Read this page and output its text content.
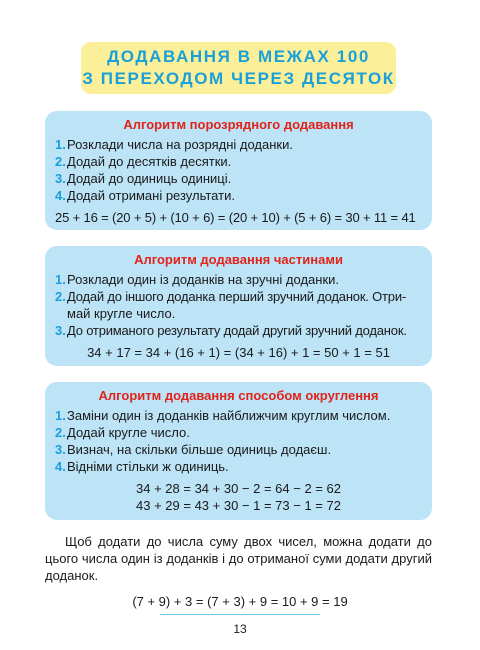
ДОДАВАННЯ В МЕЖАХ 100
З ПЕРЕХОДОМ ЧЕРЕЗ ДЕСЯТОК
Алгоритм порозрядного додавання
1.Розклади числа на розрядні доданки.
2.Додай до десятків десятки.
3.Додай до одиниць одиниці.
4.Додай отримані результати.
25 + 16 = (20 + 5) + (10 + 6) = (20 + 10) + (5 + 6) = 30 + 11 = 41
Алгоритм додавання частинами
1.Розклади один із доданків на зручні доданки.
2.Додай до іншого доданка перший зручний доданок. Отри-
май кругле число.
3.До отриманого результату додай другий зручний доданок.
34 + 17 = 34 + (16 + 1) = (34 + 16) + 1 = 50 + 1 = 51
Алгоритм додавання способом округлення
1.Заміни один із доданків найближчим круглим числом.
2.Додай кругле число.
3.Визнач, на скільки більше одиниць додаєш.
4.Відніми стільки ж одиниць.
34 + 28 = 34 + 30 − 2 = 64 − 2 = 62
43 + 29 = 43 + 30 − 1 = 73 − 1 = 72
Щоб додати до числа суму двох чисел, можна додати до цього числа один із доданків і до отриманої суми додати другий доданок.
(7 + 9) + 3 = (7 + 3) + 9 = 10 + 9 = 19
13
